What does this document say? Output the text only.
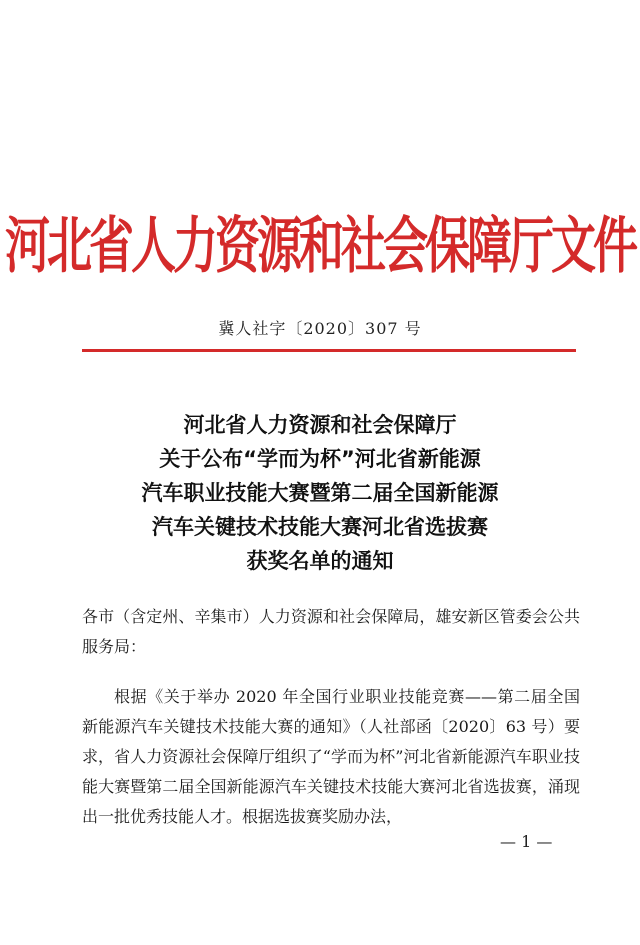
河北省人力资源和社会保障厅文件
冀人社字〔2020〕307 号
河北省人力资源和社会保障厅
关于公布“学而为杯”河北省新能源
汽车职业技能大赛暨第二届全国新能源
汽车关键技术技能大赛河北省选拔赛
获奖名单的通知
各市（含定州、辛集市）人力资源和社会保障局，雄安新区管委会公共服务局：
根据《关于举办 2020 年全国行业职业技能竞赛——第二届全国新能源汽车关键技术技能大赛的通知》（人社部函〔2020〕63 号）要求，省人力资源社会保障厅组织了“学而为杯”河北省新能源汽车职业技能大赛暨第二届全国新能源汽车关键技术技能大赛河北省选拔赛，涌现出一批优秀技能人才。根据选拔赛奖励办法，
— 1 —
